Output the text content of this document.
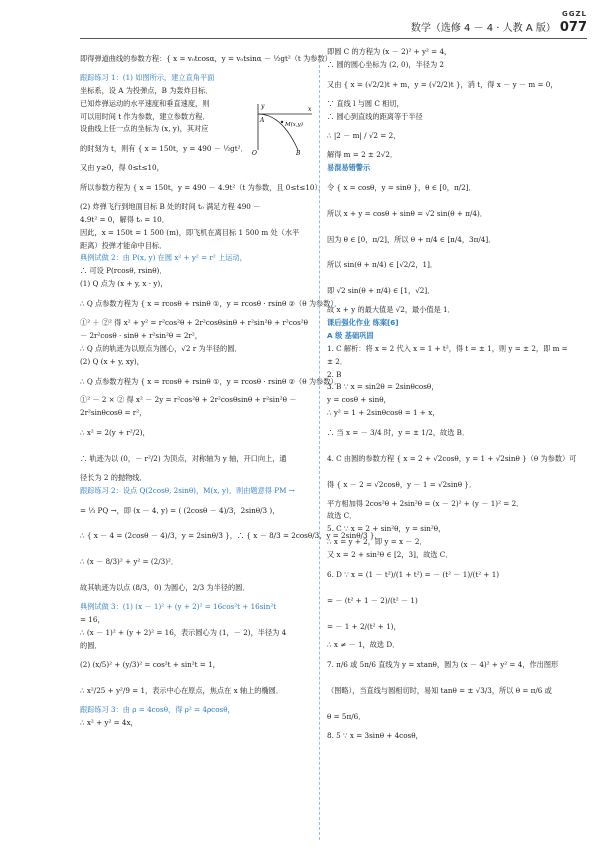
GGZL
数学（选修 4 － 4 · 人教 A 版） 077
即得弹道曲线的参数方程：{ x = v₀tcosα，y = v₀tsinα － ½gt²（t 为参数）
跟踪练习 1：(1) 如图所示，建立直角平面
坐标系，设 A 为投弹点，B 为轰炸目标．
已知炸弹运动的水平速度和垂直速度，则
可以用时间 t 作为参数，建立参数方程．
设曲线上任一点的坐标为 (x, y)，其对应
的时刻为 t，则有 { x = 150t，y = 490 － ½gt²．
又由 y≥0，得 0≤t≤10，
所以参数方程为 { x = 150t，y = 490 － 4.9t²（t 为参数，且 0≤t≤10）．
(2) 炸弹飞行到地面目标 B 处的时间 t₀ 满足方程 490 －
4.9t² = 0，解得 t₀ = 10．
因此，x = 150t = 1 500 (m)，即飞机在离目标 1 500 m 处（水平
距离）投弹才能命中目标．
典例试做 2：由 P(x, y) 在圆 x² + y² = r² 上运动，
∴ 可设 P(rcosθ, rsinθ)．
(1) Q 点为 (x + y, x · y)，
∴ Q 点参数方程为 { x = rcosθ + rsinθ ①，y = rcosθ · rsinθ ②（θ 为参数）．
①² ＋ ②² 得 x² + y² = r²cos²θ + 2r²cosθsinθ + r²sin²θ + r²cos²θ
－ 2r²cosθ · sinθ + r²sin²θ = 2r²，
∴ Q 点的轨迹为以原点为圆心，√2 r 为半径的圆．
(2) Q (x + y, xy)，
∴ Q 点参数方程为 { x = rcosθ + rsinθ ①，y = rcosθ · rsinθ ②（θ 为参数）．
①² － 2 × ② 得 x² － 2y = r²cos²θ + 2r²cosθsinθ + r²sin²θ －
2r²sinθcosθ = r²，
∴ x² = 2(y + r²/2)，
∴ 轨迹为以 (0，－ r²/2) 为顶点，对称轴为 y 轴，开口向上，通
径长为 2 的抛物线．
跟踪练习 2：设点 Q(2cosθ, 2sinθ)，M(x, y)，则由题意得 PM →
= ⅓ PQ →，即 (x － 4, y) = ( (2cosθ － 4)/3，2sinθ/3 )，
∴ { x － 4 = (2cosθ － 4)/3，y = 2sinθ/3 }，∴ { x － 8/3 = 2cosθ/3，y = 2sinθ/3 }，
∴ (x － 8/3)² + y² = (2/3)²．
故其轨迹为以点 (8/3，0) 为圆心，2/3 为半径的圆．
典例试做 3：(1) (x － 1)² + (y + 2)² = 16cos²t + 16sin²t
= 16，
∴ (x － 1)² + (y + 2)² = 16，表示圆心为 (1，－ 2)，半径为 4
的圆．
(2) (x/5)² + (y/3)² = cos²t + sin²t = 1，
∴ x²/25 + y²/9 = 1，表示中心在原点，焦点在 x 轴上的椭圆．
跟踪练习 3：由 ρ = 4cosθ，得 ρ² = 4ρcosθ，
∴ x² + y² = 4x，
即圆 C 的方程为 (x － 2)² + y² = 4，
∴ 圆的圆心坐标为 (2, 0)，半径为 2
又由 { x = (√2/2)t + m，y = (√2/2)t }，消 t，得 x － y － m = 0，
∵ 直线 l 与圆 C 相切，
∴ 圆心到直线的距离等于半径
∴ |2 － m| / √2 = 2，
解得 m = 2 ± 2√2．
易混易错警示
令 { x = cosθ，y = sinθ }，θ ∈ [0，π/2]．
所以 x + y = cosθ + sinθ = √2 sin(θ + π/4)．
因为 θ ∈ [0，π/2]，所以 θ + π/4 ∈ [π/4，3π/4]．
所以 sin(θ + π/4) ∈ [√2/2，1]．
即 √2 sin(θ + π/4) ∈ [1，√2]．
故 x + y 的最大值是 √2，最小值是 1．
课后强化作业 练案[6]
A 级 基础巩固
1. C 解析：将 x = 2 代入 x = 1 + t²，得 t = ± 1，则 y = ± 2，即 m =
± 2．
2. B
3. B ∵ x = sin2θ = 2sinθcosθ，
y = cosθ + sinθ，
∴ y² = 1 + 2sinθcosθ = 1 + x，
∴ 当 x = － 3/4 时，y = ± 1/2，故选 B．
4. C 由圆的参数方程 { x = 2 + √2cosθ，y = 1 + √2sinθ }（θ 为参数）可
得 { x － 2 = √2cosθ，y － 1 = √2sinθ }．
平方相加得 2cos²θ + 2sin²θ = (x － 2)² + (y － 1)² = 2．
故选 C．
5. C ∵ x = 2 + sin²θ，y = sin²θ，
∴ x = y + 2，即 y = x － 2．
又 x = 2 + sin²θ ∈ [2，3]，故选 C．
6. D ∵ x = (1 － t²)/(1 + t²) = － (t² － 1)/(t² + 1)
= － (t² + 1 － 2)/(t² － 1)
= － 1 + 2/(t² + 1)，
∴ x ≠ － 1，故选 D．
7. π/6 或 5π/6 直线为 y = xtanθ，圆为 (x － 4)² + y² = 4，作出图形
（图略），当直线与圆相切时，易知 tanθ = ± √3/3，所以 θ = π/6 或
θ = 5π/6．
8. 5 ∵ x = 3sinθ + 4cosθ，
y	x
A
M(x,y)
B
O
